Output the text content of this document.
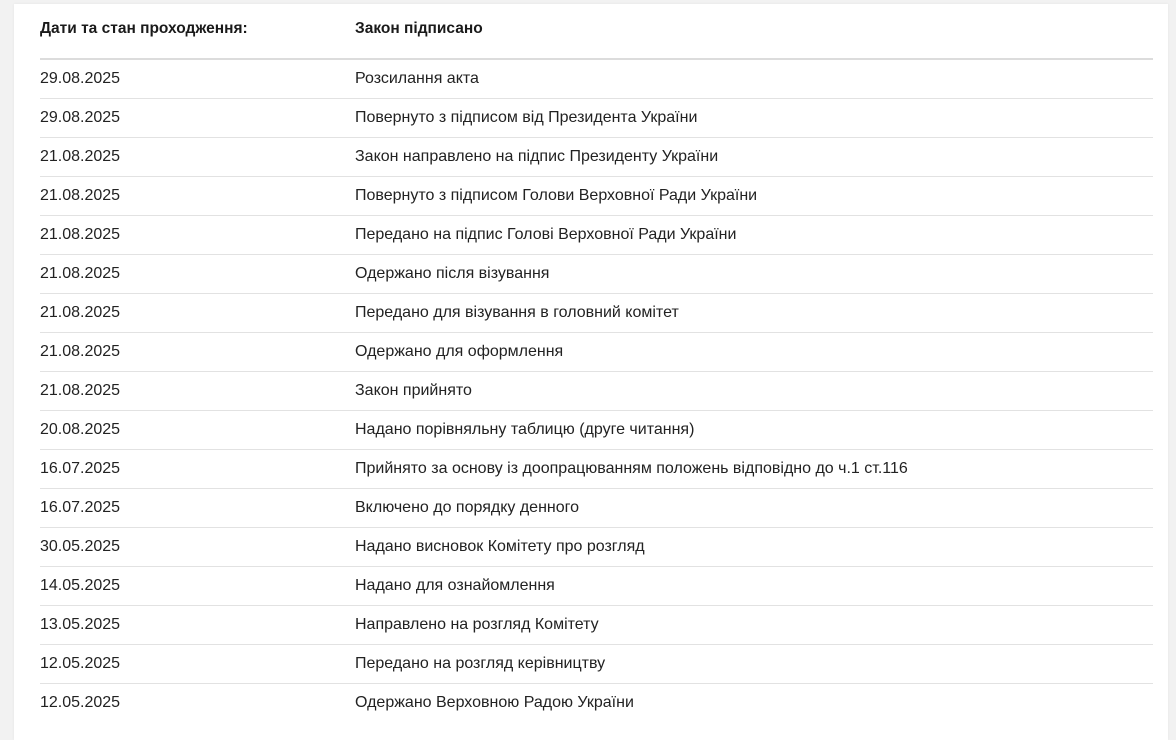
Дати та стан проходження:	Закон підписано
29.08.2025	Розсилання акта
29.08.2025	Повернуто з підписом від Президента України
21.08.2025	Закон направлено на підпис Президенту України
21.08.2025	Повернуто з підписом Голови Верховної Ради України
21.08.2025	Передано на підпис Голові Верховної Ради України
21.08.2025	Одержано після візування
21.08.2025	Передано для візування в головний комітет
21.08.2025	Одержано для оформлення
21.08.2025	Закон прийнято
20.08.2025	Надано порівняльну таблицю (друге читання)
16.07.2025	Прийнято за основу із доопрацюванням положень відповідно до ч.1 ст.116
16.07.2025	Включено до порядку денного
30.05.2025	Надано висновок Комітету про розгляд
14.05.2025	Надано для ознайомлення
13.05.2025	Направлено на розгляд Комітету
12.05.2025	Передано на розгляд керівництву
12.05.2025	Одержано Верховною Радою України
